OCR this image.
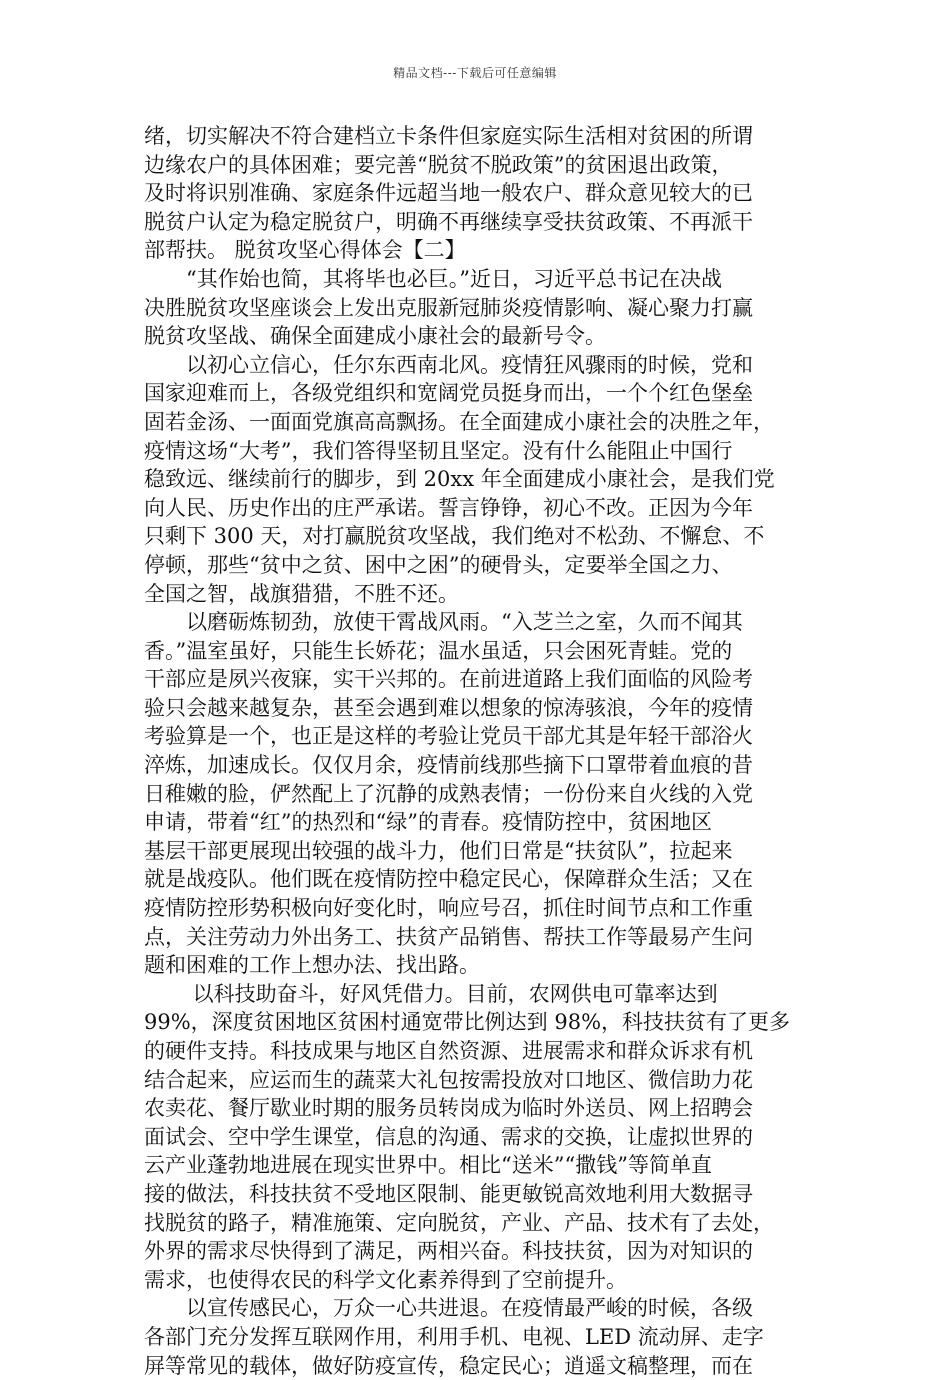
精品文档---下载后可任意编辑
绪，切实解决不符合建档立卡条件但家庭实际生活相对贫困的所谓
边缘农户的具体困难；要完善“脱贫不脱政策”的贫困退出政策，
及时将识别准确、家庭条件远超当地一般农户、群众意见较大的已
脱贫户认定为稳定脱贫户，明确不再继续享受扶贫政策、不再派干
部帮扶。 脱贫攻坚心得体会【二】
　　“其作始也简，其将毕也必巨。”近日，习近平总书记在决战
决胜脱贫攻坚座谈会上发出克服新冠肺炎疫情影响、凝心聚力打赢
脱贫攻坚战、确保全面建成小康社会的最新号令。
　　以初心立信心，任尔东西南北风。疫情狂风骤雨的时候，党和
国家迎难而上，各级党组织和宽阔党员挺身而出，一个个红色堡垒
固若金汤、一面面党旗高高飘扬。在全面建成小康社会的决胜之年，
疫情这场“大考”，我们答得坚韧且坚定。没有什么能阻止中国行
稳致远、继续前行的脚步，到 20xx 年全面建成小康社会，是我们党
向人民、历史作出的庄严承诺。誓言铮铮，初心不改。正因为今年
只剩下 300 天，对打赢脱贫攻坚战，我们绝对不松劲、不懈怠、不
停顿，那些“贫中之贫、困中之困”的硬骨头，定要举全国之力、
全国之智，战旗猎猎，不胜不还。
　　以磨砺炼韧劲，放使干霄战风雨。“入芝兰之室，久而不闻其
香。”温室虽好，只能生长娇花；温水虽适，只会困死青蛙。党的
干部应是夙兴夜寐，实干兴邦的。在前进道路上我们面临的风险考
验只会越来越复杂，甚至会遇到难以想象的惊涛骇浪，今年的疫情
考验算是一个，也正是这样的考验让党员干部尤其是年轻干部浴火
淬炼，加速成长。仅仅月余，疫情前线那些摘下口罩带着血痕的昔
日稚嫩的脸，俨然配上了沉静的成熟表情；一份份来自火线的入党
申请，带着“红”的热烈和“绿”的青春。疫情防控中，贫困地区
基层干部更展现出较强的战斗力，他们日常是“扶贫队”，拉起来
就是战疫队。他们既在疫情防控中稳定民心，保障群众生活；又在
疫情防控形势积极向好变化时，响应号召，抓住时间节点和工作重
点，关注劳动力外出务工、扶贫产品销售、帮扶工作等最易产生问
题和困难的工作上想办法、找出路。
　　 以科技助奋斗，好风凭借力。目前，农网供电可靠率达到
99%，深度贫困地区贫困村通宽带比例达到 98%，科技扶贫有了更多
的硬件支持。科技成果与地区自然资源、进展需求和群众诉求有机
结合起来，应运而生的蔬菜大礼包按需投放对口地区、微信助力花
农卖花、餐厅歇业时期的服务员转岗成为临时外送员、网上招聘会
面试会、空中学生课堂，信息的沟通、需求的交换，让虚拟世界的
云产业蓬勃地进展在现实世界中。相比“送米”“撒钱”等简单直
接的做法，科技扶贫不受地区限制、能更敏锐高效地利用大数据寻
找脱贫的路子，精准施策、定向脱贫，产业、产品、技术有了去处，
外界的需求尽快得到了满足，两相兴奋。科技扶贫，因为对知识的
需求，也使得农民的科学文化素养得到了空前提升。
　　以宣传感民心，万众一心共进退。在疫情最严峻的时候，各级
各部门充分发挥互联网作用，利用手机、电视、LED 流动屏、走字
屏等常见的载体，做好防疫宣传，稳定民心；逍遥文稿整理，而在
